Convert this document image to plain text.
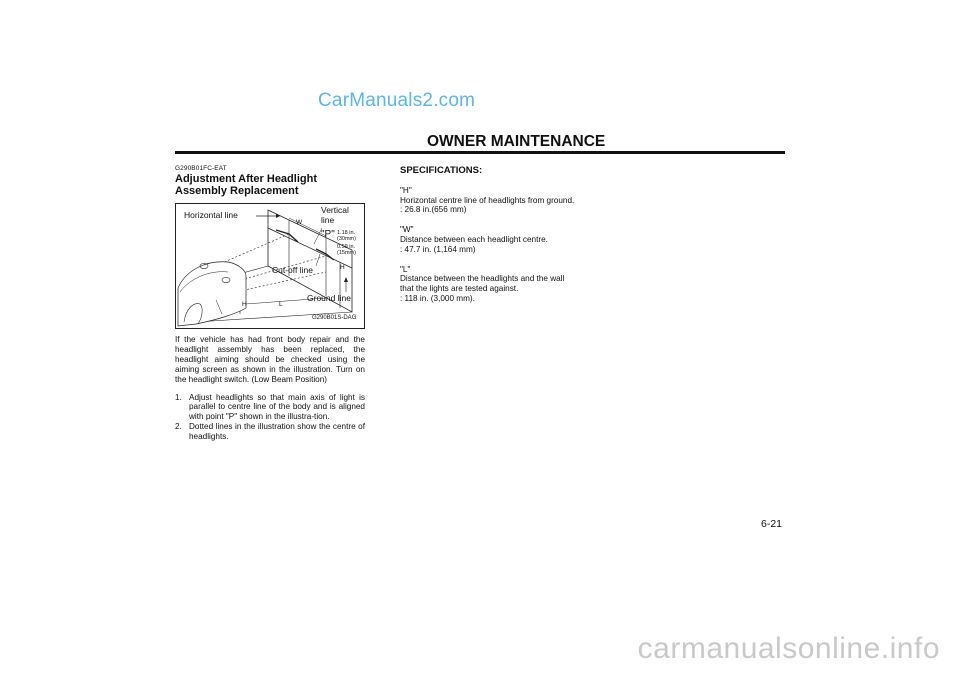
CarManuals2.com
OWNER MAINTENANCE
G290B01FC-EAT
Adjustment After Headlight Assembly Replacement
Horizontal line	Vertical
line
W
"P" 1.18 in.
(30mm)
0.59 in.
(15mm)
H
Cut-off line
Ground line
H	L
G290B01S-DAG
If the vehicle has had front body repair and the headlight assembly has been replaced, the headlight aiming should be checked using the aiming screen as shown in the illustration. Turn on the headlight switch. (Low Beam Position)
1. Adjust headlights so that main axis of light is parallel to centre line of the body and is aligned with point "P" shown in the illustra-tion.
2. Dotted lines in the illustration show the centre of headlights.
SPECIFICATIONS:
"H"
Horizontal centre line of headlights from ground.
: 26.8 in.(656 mm)
"W"
Distance between each headlight centre.
: 47.7 in. (1,164 mm)
"L"
Distance between the headlights and the wall that the lights are tested against.
: 118 in. (3,000 mm).
6-21
carmanualsonline.info
